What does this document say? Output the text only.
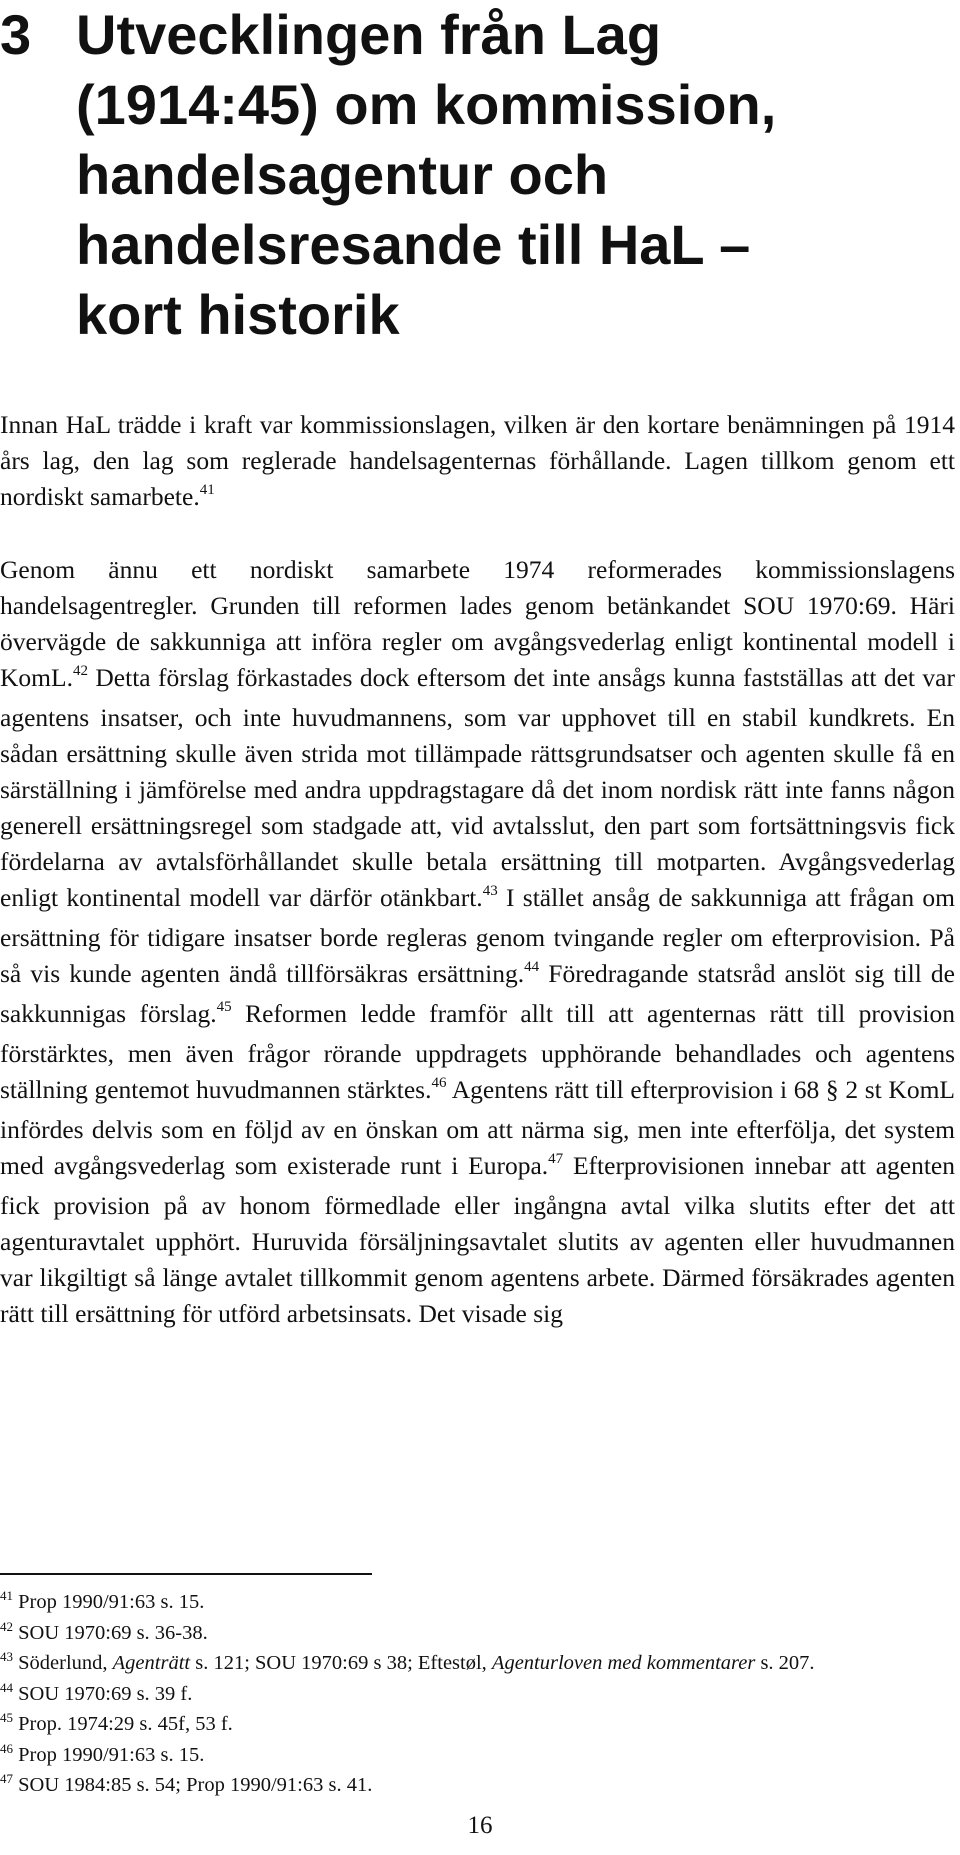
3 Utvecklingen från Lag
(1914:45) om kommission,
handelsagentur och
handelsresande till HaL –
kort historik

Innan HaL trädde i kraft var kommissionslagen, vilken är den kortare benämningen på 1914 års lag, den lag som reglerade handelsagenternas förhållande. Lagen tillkom genom ett nordiskt samarbete.$^{41}$

Genom ännu ett nordiskt samarbete 1974 reformerades kommissionslagens handelsagentregler. Grunden till reformen lades genom betänkandet SOU 1970:69. Häri övervägde de sakkunniga att införa regler om avgångsvederlag enligt kontinental modell i KomL.$^{42}$ Detta förslag förkastades dock eftersom det inte ansågs kunna fastställas att det var agentens insatser, och inte huvudmannens, som var upphovet till en stabil kundkrets. En sådan ersättning skulle även strida mot tillämpade rättsgrundsatser och agenten skulle få en särställning i jämförelse med andra uppdragstagare då det inom nordisk rätt inte fanns någon generell ersättningsregel som stadgade att, vid avtalsslut, den part som fortsättningsvis fick fördelarna av avtalsförhållandet skulle betala ersättning till motparten. Avgångsvederlag enligt kontinental modell var därför otänkbart.$^{43}$ I stället ansåg de sakkunniga att frågan om ersättning för tidigare insatser borde regleras genom tvingande regler om efterprovision. På så vis kunde agenten ändå tillförsäkras ersättning.$^{44}$ Föredragande statsråd anslöt sig till de sakkunnigas förslag.$^{45}$ Reformen ledde framför allt till att agenternas rätt till provision förstärktes, men även frågor rörande uppdragets upphörande behandlades och agentens ställning gentemot huvudmannen stärktes.$^{46}$ Agentens rätt till efterprovision i 68 § 2 st KomL infördes delvis som en följd av en önskan om att närma sig, men inte efterfölja, det system med avgångsvederlag som existerade runt i Europa.$^{47}$ Efterprovisionen innebar att agenten fick provision på av honom förmedlade eller ingångna avtal vilka slutits efter det att agenturavtalet upphört. Huruvida försäljningsavtalet slutits av agenten eller huvudmannen var likgiltigt så länge avtalet tillkommit genom agentens arbete. Därmed försäkrades agenten rätt till ersättning för utförd arbetsinsats. Det visade sig

$^{41}$ Prop 1990/91:63 s. 15.

$^{42}$ SOU 1970:69 s. 36-38.

$^{43}$ Söderlund, Agenträtt s. 121; SOU 1970:69 s 38; Eftestøl, Agenturloven med kommentarer s. 207.

$^{44}$ SOU 1970:69 s. 39 f.

$^{45}$ Prop. 1974:29 s. 45f, 53 f.

$^{46}$ Prop 1990/91:63 s. 15.

$^{47}$ SOU 1984:85 s. 54; Prop 1990/91:63 s. 41.

16
